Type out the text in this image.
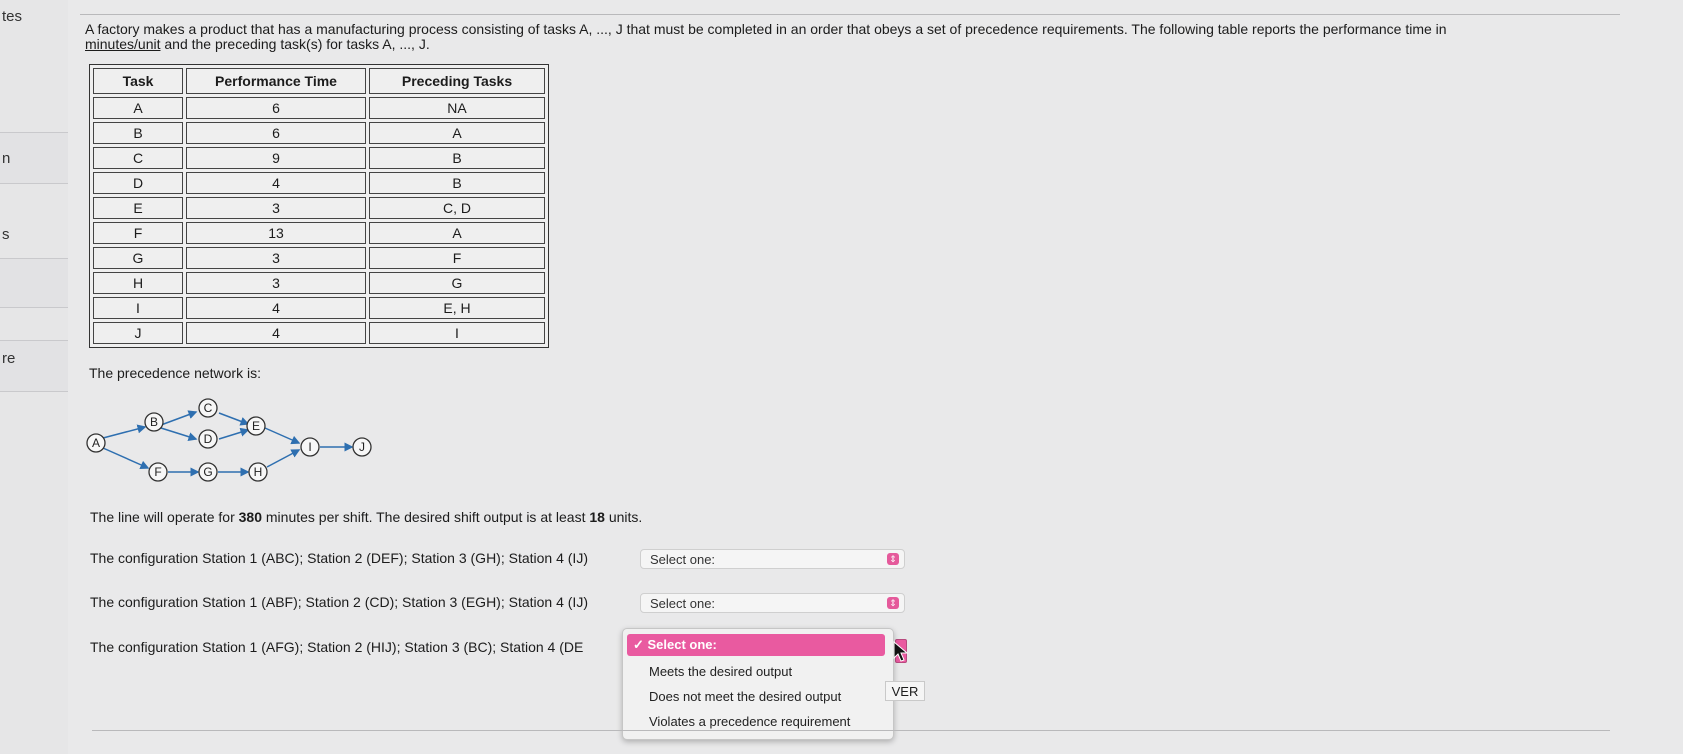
tes
n
s
re
A factory makes a product that has a manufacturing process consisting of tasks A, ..., J that must be completed in an order that obeys a set of precedence requirements. The following table reports the performance time in
minutes/unit and the preceding task(s) for tasks A, ..., J.
Task	Performance Time	Preceding Tasks
A	6	NA
B	6	A
C	9	B
D	4	B
E	3	C, D
F	13	A
G	3	F
H	3	G
I	4	E, H
J	4	I
The precedence network is:
A
B
C
D
E
F	G	H
I	J
The line will operate for 380 minutes per shift. The desired shift output is at least 18 units.
The configuration Station 1 (ABC); Station 2 (DEF); Station 3 (GH); Station 4 (IJ)	Select one:	⇕
The configuration Station 1 (ABF); Station 2 (CD); Station 3 (EGH); Station 4 (IJ)	Select one:	⇕
The configuration Station 1 (AFG); Station 2 (HIJ); Station 3 (BC); Station 4 (DE	✓ Select one:
Meets the desired output
Does not meet the desired output
Violates a precedence requirement
VER
